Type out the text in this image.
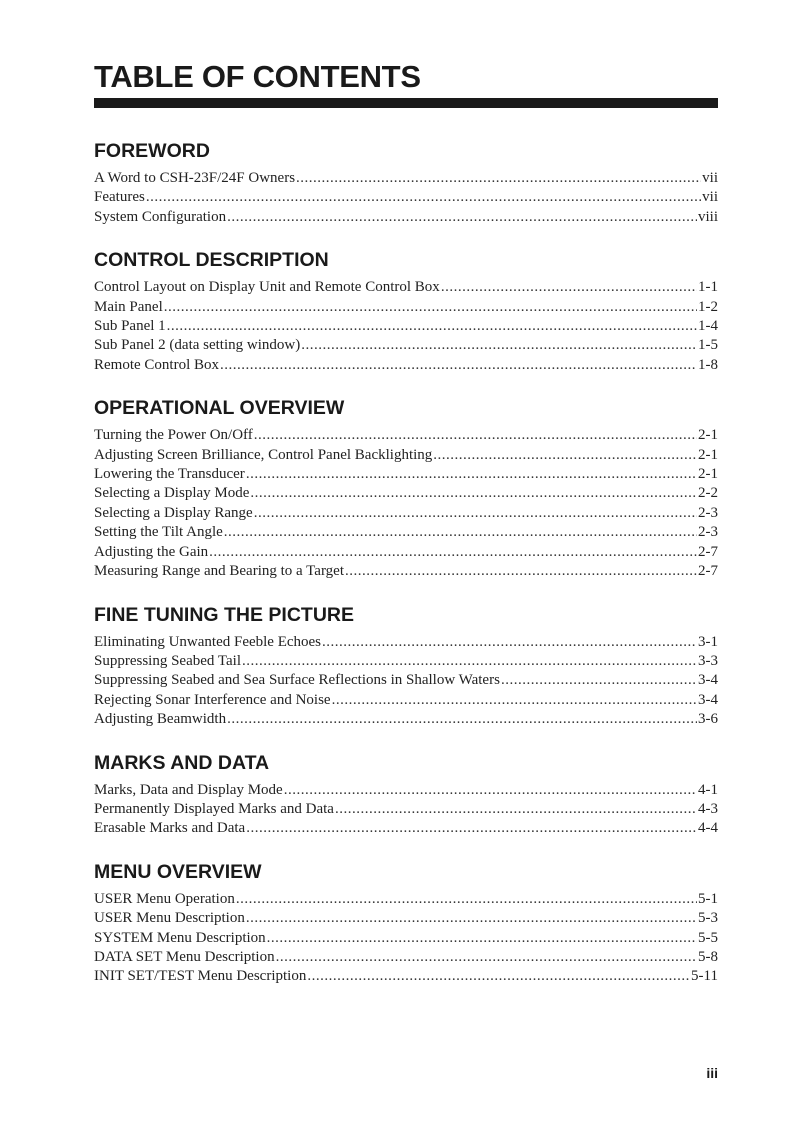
TABLE OF CONTENTS
FOREWORD
A Word to CSH-23F/24F Owners .....	vii
Features .....	vii
System Configuration .....	viii
CONTROL DESCRIPTION
Control Layout on Display Unit and Remote Control Box .....	1-1
Main Panel .....	1-2
Sub Panel 1 .....	1-4
Sub Panel 2 (data setting window) .....	1-5
Remote Control Box .....	1-8
OPERATIONAL OVERVIEW
Turning the Power On/Off .....	2-1
Adjusting Screen Brilliance, Control Panel Backlighting .....	2-1
Lowering the Transducer .....	2-1
Selecting a Display Mode .....	2-2
Selecting a Display Range .....	2-3
Setting the Tilt Angle .....	2-3
Adjusting the Gain .....	2-7
Measuring Range and Bearing to a Target .....	2-7
FINE TUNING THE PICTURE
Eliminating Unwanted Feeble Echoes .....	3-1
Suppressing Seabed Tail .....	3-3
Suppressing Seabed and Sea Surface Reflections in Shallow Waters .....	3-4
Rejecting Sonar Interference and Noise .....	3-4
Adjusting Beamwidth .....	3-6
MARKS AND DATA
Marks, Data and Display Mode .....	4-1
Permanently Displayed Marks and Data .....	4-3
Erasable Marks and Data .....	4-4
MENU OVERVIEW
USER Menu Operation .....	5-1
USER Menu Description .....	5-3
SYSTEM Menu Description .....	5-5
DATA SET Menu Description .....	5-8
INIT SET/TEST Menu Description .....	5-11
iii
